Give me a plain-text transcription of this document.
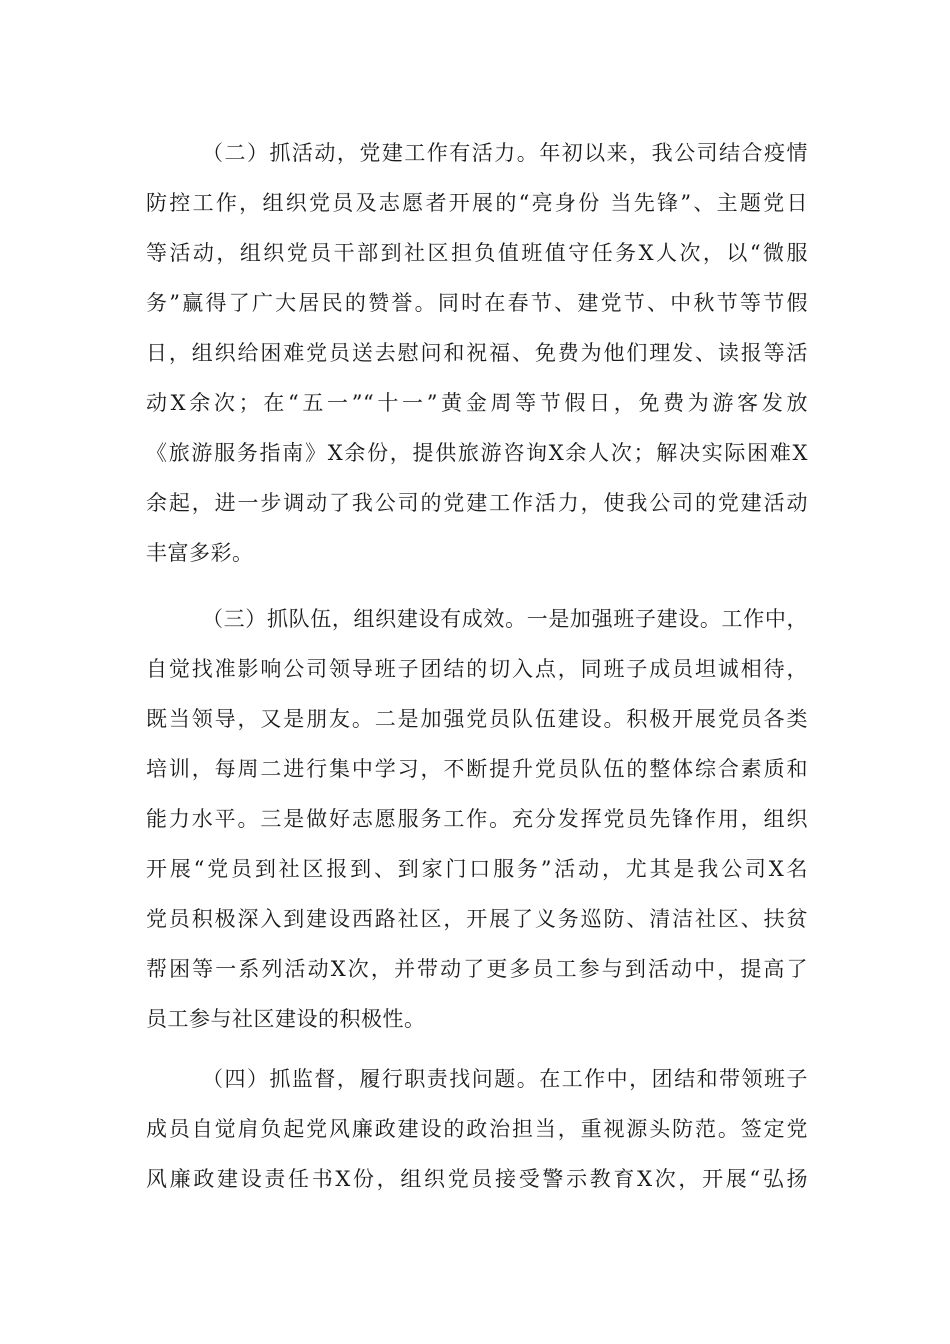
（二）抓活动，党建工作有活力。年初以来，我公司结合疫情
防控工作，组织党员及志愿者开展的“亮身份 当先锋”、主题党日
等活动，组织党员干部到社区担负值班值守任务X人次，以“微服
务”赢得了广大居民的赞誉。同时在春节、建党节、中秋节等节假
日，组织给困难党员送去慰问和祝福、免费为他们理发、读报等活
动X余次；在“五一”“十一”黄金周等节假日，免费为游客发放
《旅游服务指南》X余份，提供旅游咨询X余人次；解决实际困难X
余起，进一步调动了我公司的党建工作活力，使我公司的党建活动
丰富多彩。
（三）抓队伍，组织建设有成效。一是加强班子建设。工作中，
自觉找准影响公司领导班子团结的切入点，同班子成员坦诚相待，
既当领导，又是朋友。二是加强党员队伍建设。积极开展党员各类
培训，每周二进行集中学习，不断提升党员队伍的整体综合素质和
能力水平。三是做好志愿服务工作。充分发挥党员先锋作用，组织
开展“党员到社区报到、到家门口服务”活动，尤其是我公司X名
党员积极深入到建设西路社区，开展了义务巡防、清洁社区、扶贫
帮困等一系列活动X次，并带动了更多员工参与到活动中，提高了
员工参与社区建设的积极性。
（四）抓监督，履行职责找问题。在工作中，团结和带领班子
成员自觉肩负起党风廉政建设的政治担当，重视源头防范。签定党
风廉政建设责任书X份，组织党员接受警示教育X次，开展“弘扬
